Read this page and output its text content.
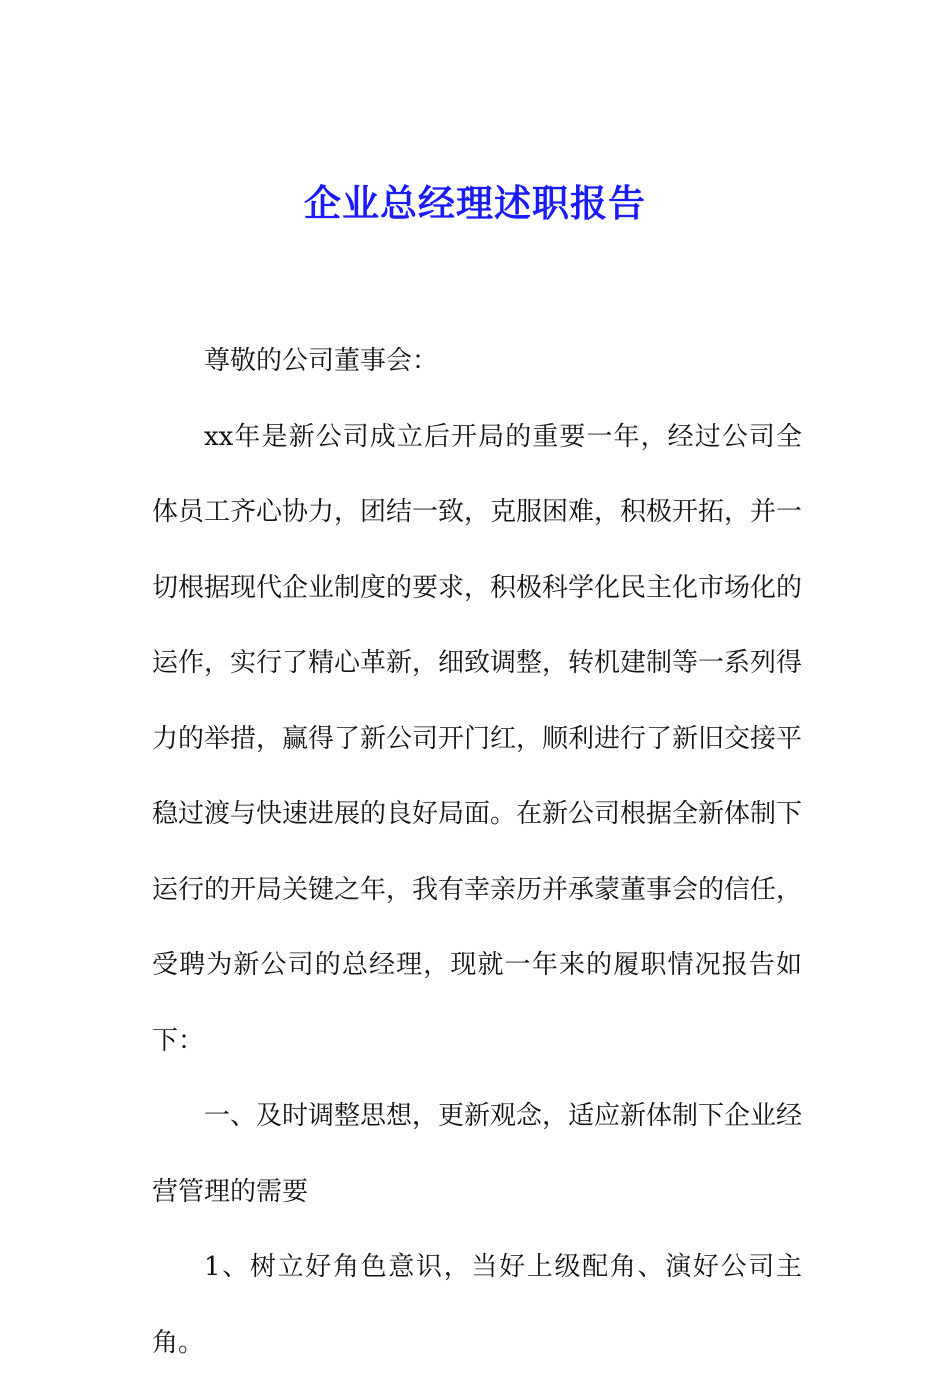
企业总经理述职报告

尊敬的公司董事会：

xx年是新公司成立后开局的重要一年，经过公司全体员工齐心协力，团结一致，克服困难，积极开拓，并一切根据现代企业制度的要求，积极科学化民主化市场化的运作，实行了精心革新，细致调整，转机建制等一系列得力的举措，赢得了新公司开门红，顺利进行了新旧交接平稳过渡与快速进展的良好局面。在新公司根据全新体制下运行的开局关键之年，我有幸亲历并承蒙董事会的信任，受聘为新公司的总经理，现就一年来的履职情况报告如下：

一、及时调整思想，更新观念，适应新体制下企业经营管理的需要

1、树立好角色意识，当好上级配角、演好公司主角。
